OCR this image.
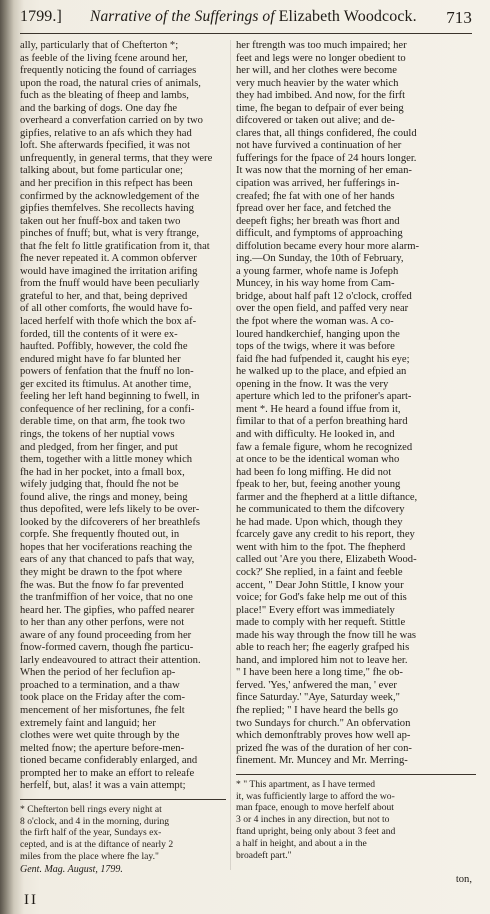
1799.] Narrative of the Sufferings of Elizabeth Woodcock. 713
ally, particularly that of Chefterton *;
as feeble of the living fcene around her,
frequently noticing the found of carriages
upon the road, the natural cries of animals,
fuch as the bleating of fheep and lambs,
and the barking of dogs. One day fhe
overheard a converfation carried on by two
gipfies, relative to an afs which they had
loft. She afterwards fpecified, it was not
unfrequently, in general terms, that they were
talking about, but fome particular one;
and her precifion in this refpect has been
confirmed by the acknowledgement of the
gipfies themfelves. She recollects having
taken out her fnuff-box and taken two
pinches of fnuff; but, what is very ftrange,
that fhe felt fo little gratification from it, that
fhe never repeated it. A common obferver
would have imagined the irritation arifing
from the fnuff would have been peculiarly
grateful to her, and that, being deprived
of all other comforts, fhe would have fo-
laced herfelf with thofe which the box af-
forded, till the contents of it were ex-
haufted. Poffibly, however, the cold fhe
endured might have fo far blunted her
powers of fenfation that the fnuff no lon-
ger excited its ftimulus. At another time,
feeling her left hand beginning to fwell, in
confequence of her reclining, for a confi-
derable time, on that arm, fhe took two
rings, the tokens of her nuptial vows
and pledged, from her finger, and put
them, together with a little money which
fhe had in her pocket, into a fmall box,
wifely judging that, fhould fhe not be
found alive, the rings and money, being
thus depofited, were lefs likely to be over-
looked by the difcoverers of her breathlefs
corpfe. She frequently fhouted out, in
hopes that her vociferations reaching the
ears of any that chanced to pafs that way,
they might be drawn to the fpot where
fhe was. But the fnow fo far prevented
the tranfmiffion of her voice, that no one
heard her. The gipfies, who paffed nearer
to her than any other perfons, were not
aware of any found proceeding from her
fnow-formed cavern, though fhe particu-
larly endeavoured to attract their attention.
When the period of her feclufion ap-
proached to a termination, and a thaw
took place on the Friday after the com-
mencement of her misfortunes, fhe felt
extremely faint and languid; her
clothes were wet quite through by the
melted fnow; the aperture before-men-
tioned became confiderably enlarged, and
prompted her to make an effort to releafe
herfelf, but, alas! it was a vain attempt;
* Chefterton bell rings every night at
8 o'clock, and 4 in the morning, during
the firft half of the year, Sundays ex-
cepted, and is at the diftance of nearly 2
miles from the place where fhe lay."
Gent. Mag. August, 1799.
her ftrength was too much impaired; her
feet and legs were no longer obedient to
her will, and her clothes were become
very much heavier by the water which
they had imbibed. And now, for the firft
time, fhe began to defpair of ever being
difcovered or taken out alive; and de-
clares that, all things confidered, fhe could
not have furvived a continuation of her
fufferings for the fpace of 24 hours longer.
It was now that the morning of her eman-
cipation was arrived, her fufferings in-
creafed; fhe fat with one of her hands
fpread over her face, and fetched the
deepeft fighs; her breath was fhort and
difficult, and fymptoms of approaching
diffolution became every hour more alarm-
ing.—On Sunday, the 10th of February,
a young farmer, whofe name is Jofeph
Muncey, in his way home from Cam-
bridge, about half paft 12 o'clock, croffed
over the open field, and paffed very near
the fpot where the woman was. A co-
loured handkerchief, hanging upon the
tops of the twigs, where it was before
faid fhe had fufpended it, caught his eye;
he walked up to the place, and efpied an
opening in the fnow. It was the very
aperture which led to the prifoner's apart-
ment *. He heard a found iffue from it,
fimilar to that of a perfon breathing hard
and with difficulty. He looked in, and
faw a female figure, whom he recognized
at once to be the identical woman who
had been fo long miffing. He did not
fpeak to her, but, feeing another young
farmer and the fhepherd at a little diftance,
he communicated to them the difcovery
he had made. Upon which, though they
fcarcely gave any credit to his report, they
went with him to the fpot. The fhepherd
called out 'Are you there, Elizabeth Wood-
cock?' She replied, in a faint and feeble
accent, " Dear John Stittle, I know your
voice; for God's fake help me out of this
place!" Every effort was immediately
made to comply with her requeft. Stittle
made his way through the fnow till he was
able to reach her; fhe eagerly grafped his
hand, and implored him not to leave her.
" I have been here a long time," fhe ob-
ferved. 'Yes,' anfwered the man, ' ever
fince Saturday.' "Aye, Saturday week,"
fhe replied; " I have heard the bells go
two Sundays for church." An obfervation
which demonftrably proves how well ap-
prized fhe was of the duration of her con-
finement. Mr. Muncey and Mr. Merring-
* " This apartment, as I have termed
it, was fufficiently large to afford the wo-
man fpace, enough to move herfelf about
3 or 4 inches in any direction, but not to
ftand upright, being only about 3 feet and
a half in height, and about a in the
broadeft part."
ton,
II
